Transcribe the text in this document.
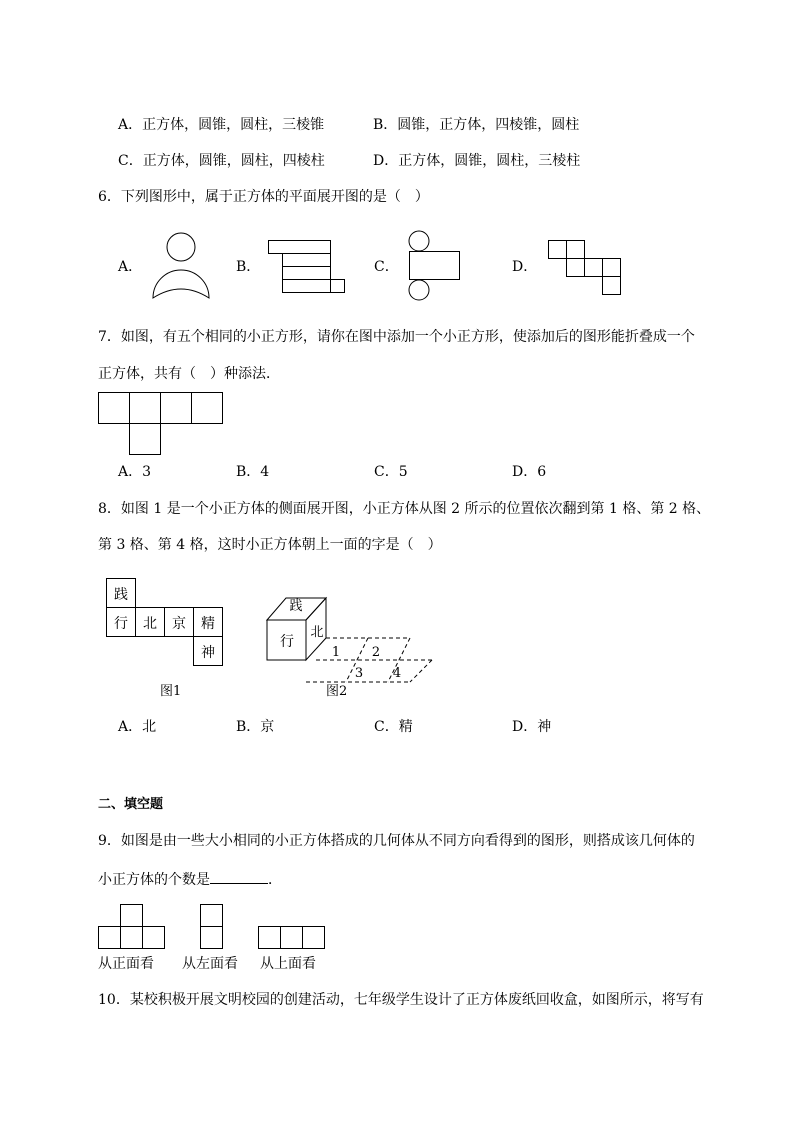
A．正方体，圆锥，圆柱，三棱锥	B．圆锥，正方体，四棱锥，圆柱
C．正方体，圆锥，圆柱，四棱柱	D．正方体，圆锥，圆柱，三棱柱
6．下列图形中，属于正方体的平面展开图的是（　）
A．	B．	C．	D．
7．如图，有五个相同的小正方形，请你在图中添加一个小正方形，使添加后的图形能折叠成一个
正方体，共有（　）种添法．
A．3	B．4	C．5	D．6
8．如图 1 是一个小正方体的侧面展开图，小正方体从图 2 所示的位置依次翻到第 1 格、第 2 格、
第 3 格、第 4 格，这时小正方体朝上一面的字是（　）
践
行 北 京 精
神
图1
践
行
北
1 2
3 4
图2
A．北	B．京	C．精	D．神
二、填空题
9．如图是由一些大小相同的小正方体搭成的几何体从不同方向看得到的图形，则搭成该几何体的
小正方体的个数是	．
从正面看 从左面看 从上面看
10．某校积极开展文明校园的创建活动，七年级学生设计了正方体废纸回收盒，如图所示，将写有
